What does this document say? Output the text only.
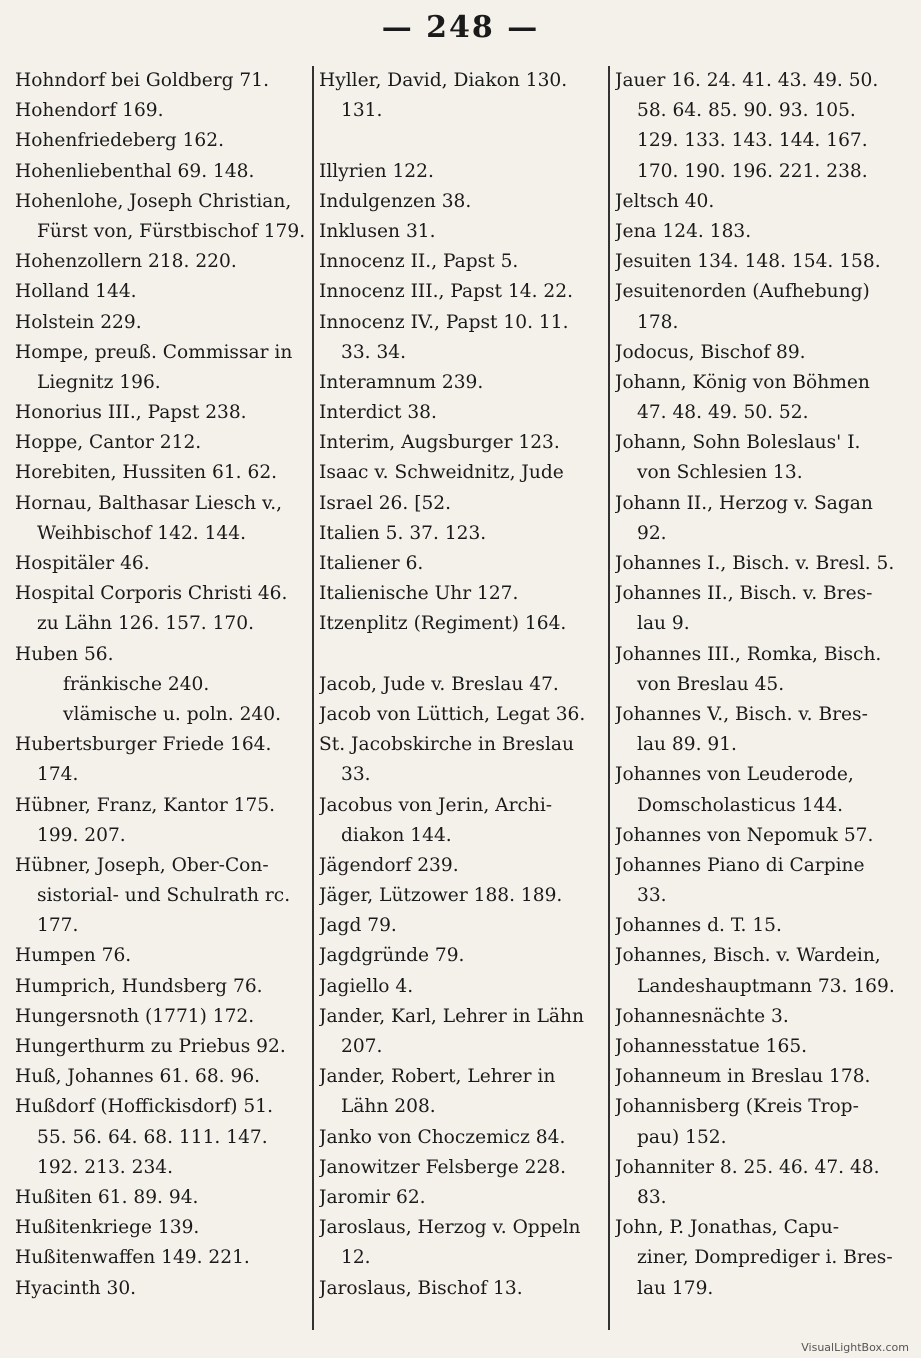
— 248 —
Hohndorf bei Goldberg 71.
Hohendorf 169.
Hohenfriedeberg 162.
Hohenliebenthal 69. 148.
Hohenlohe, Joseph Christian,
Fürst von, Fürstbischof 179.
Hohenzollern 218. 220.
Holland 144.
Holstein 229.
Hompe, preuß. Commissar in
Liegnitz 196.
Honorius III., Papst 238.
Hoppe, Cantor 212.
Horebiten, Hussiten 61. 62.
Hornau, Balthasar Liesch v.,
Weihbischof 142. 144.
Hospitäler 46.
Hospital Corporis Christi 46.
zu Lähn 126. 157. 170.
Huben 56.
fränkische 240.
vlämische u. poln. 240.
Hubertsburger Friede 164.
174.
Hübner, Franz, Kantor 175.
199. 207.
Hübner, Joseph, Ober-Con-
sistorial- und Schulrath rc.
177.
Humpen 76.
Humprich, Hundsberg 76.
Hungersnoth (1771) 172.
Hungerthurm zu Priebus 92.
Huß, Johannes 61. 68. 96.
Hußdorf (Hoffickisdorf) 51.
55. 56. 64. 68. 111. 147.
192. 213. 234.
Hußiten 61. 89. 94.
Hußitenkriege 139.
Hußitenwaffen 149. 221.
Hyacinth 30.
Hyller, David, Diakon 130.
131.
Illyrien 122.
Indulgenzen 38.
Inklusen 31.
Innocenz II., Papst 5.
Innocenz III., Papst 14. 22.
Innocenz IV., Papst 10. 11.
33. 34.
Interamnum 239.
Interdict 38.
Interim, Augsburger 123.
Isaac v. Schweidnitz, Jude
Israel 26. [52.
Italien 5. 37. 123.
Italiener 6.
Italienische Uhr 127.
Itzenplitz (Regiment) 164.
Jacob, Jude v. Breslau 47.
Jacob von Lüttich, Legat 36.
St. Jacobskirche in Breslau
33.
Jacobus von Jerin, Archi-
diakon 144.
Jägendorf 239.
Jäger, Lützower 188. 189.
Jagd 79.
Jagdgründe 79.
Jagiello 4.
Jander, Karl, Lehrer in Lähn
207.
Jander, Robert, Lehrer in
Lähn 208.
Janko von Choczemicz 84.
Janowitzer Felsberge 228.
Jaromir 62.
Jaroslaus, Herzog v. Oppeln
12.
Jaroslaus, Bischof 13.
Jauer 16. 24. 41. 43. 49. 50.
58. 64. 85. 90. 93. 105.
129. 133. 143. 144. 167.
170. 190. 196. 221. 238.
Jeltsch 40.
Jena 124. 183.
Jesuiten 134. 148. 154. 158.
Jesuitenorden (Aufhebung)
178.
Jodocus, Bischof 89.
Johann, König von Böhmen
47. 48. 49. 50. 52.
Johann, Sohn Boleslaus' I.
von Schlesien 13.
Johann II., Herzog v. Sagan
92.
Johannes I., Bisch. v. Bresl. 5.
Johannes II., Bisch. v. Bres-
lau 9.
Johannes III., Romka, Bisch.
von Breslau 45.
Johannes V., Bisch. v. Bres-
lau 89. 91.
Johannes von Leuderode,
Domscholasticus 144.
Johannes von Nepomuk 57.
Johannes Piano di Carpine
33.
Johannes d. T. 15.
Johannes, Bisch. v. Wardein,
Landeshauptmann 73. 169.
Johannesnächte 3.
Johannesstatue 165.
Johanneum in Breslau 178.
Johannisberg (Kreis Trop-
pau) 152.
Johanniter 8. 25. 46. 47. 48.
83.
John, P. Jonathas, Capu-
ziner, Domprediger i. Bres-
lau 179.
VisualLightBox.com
